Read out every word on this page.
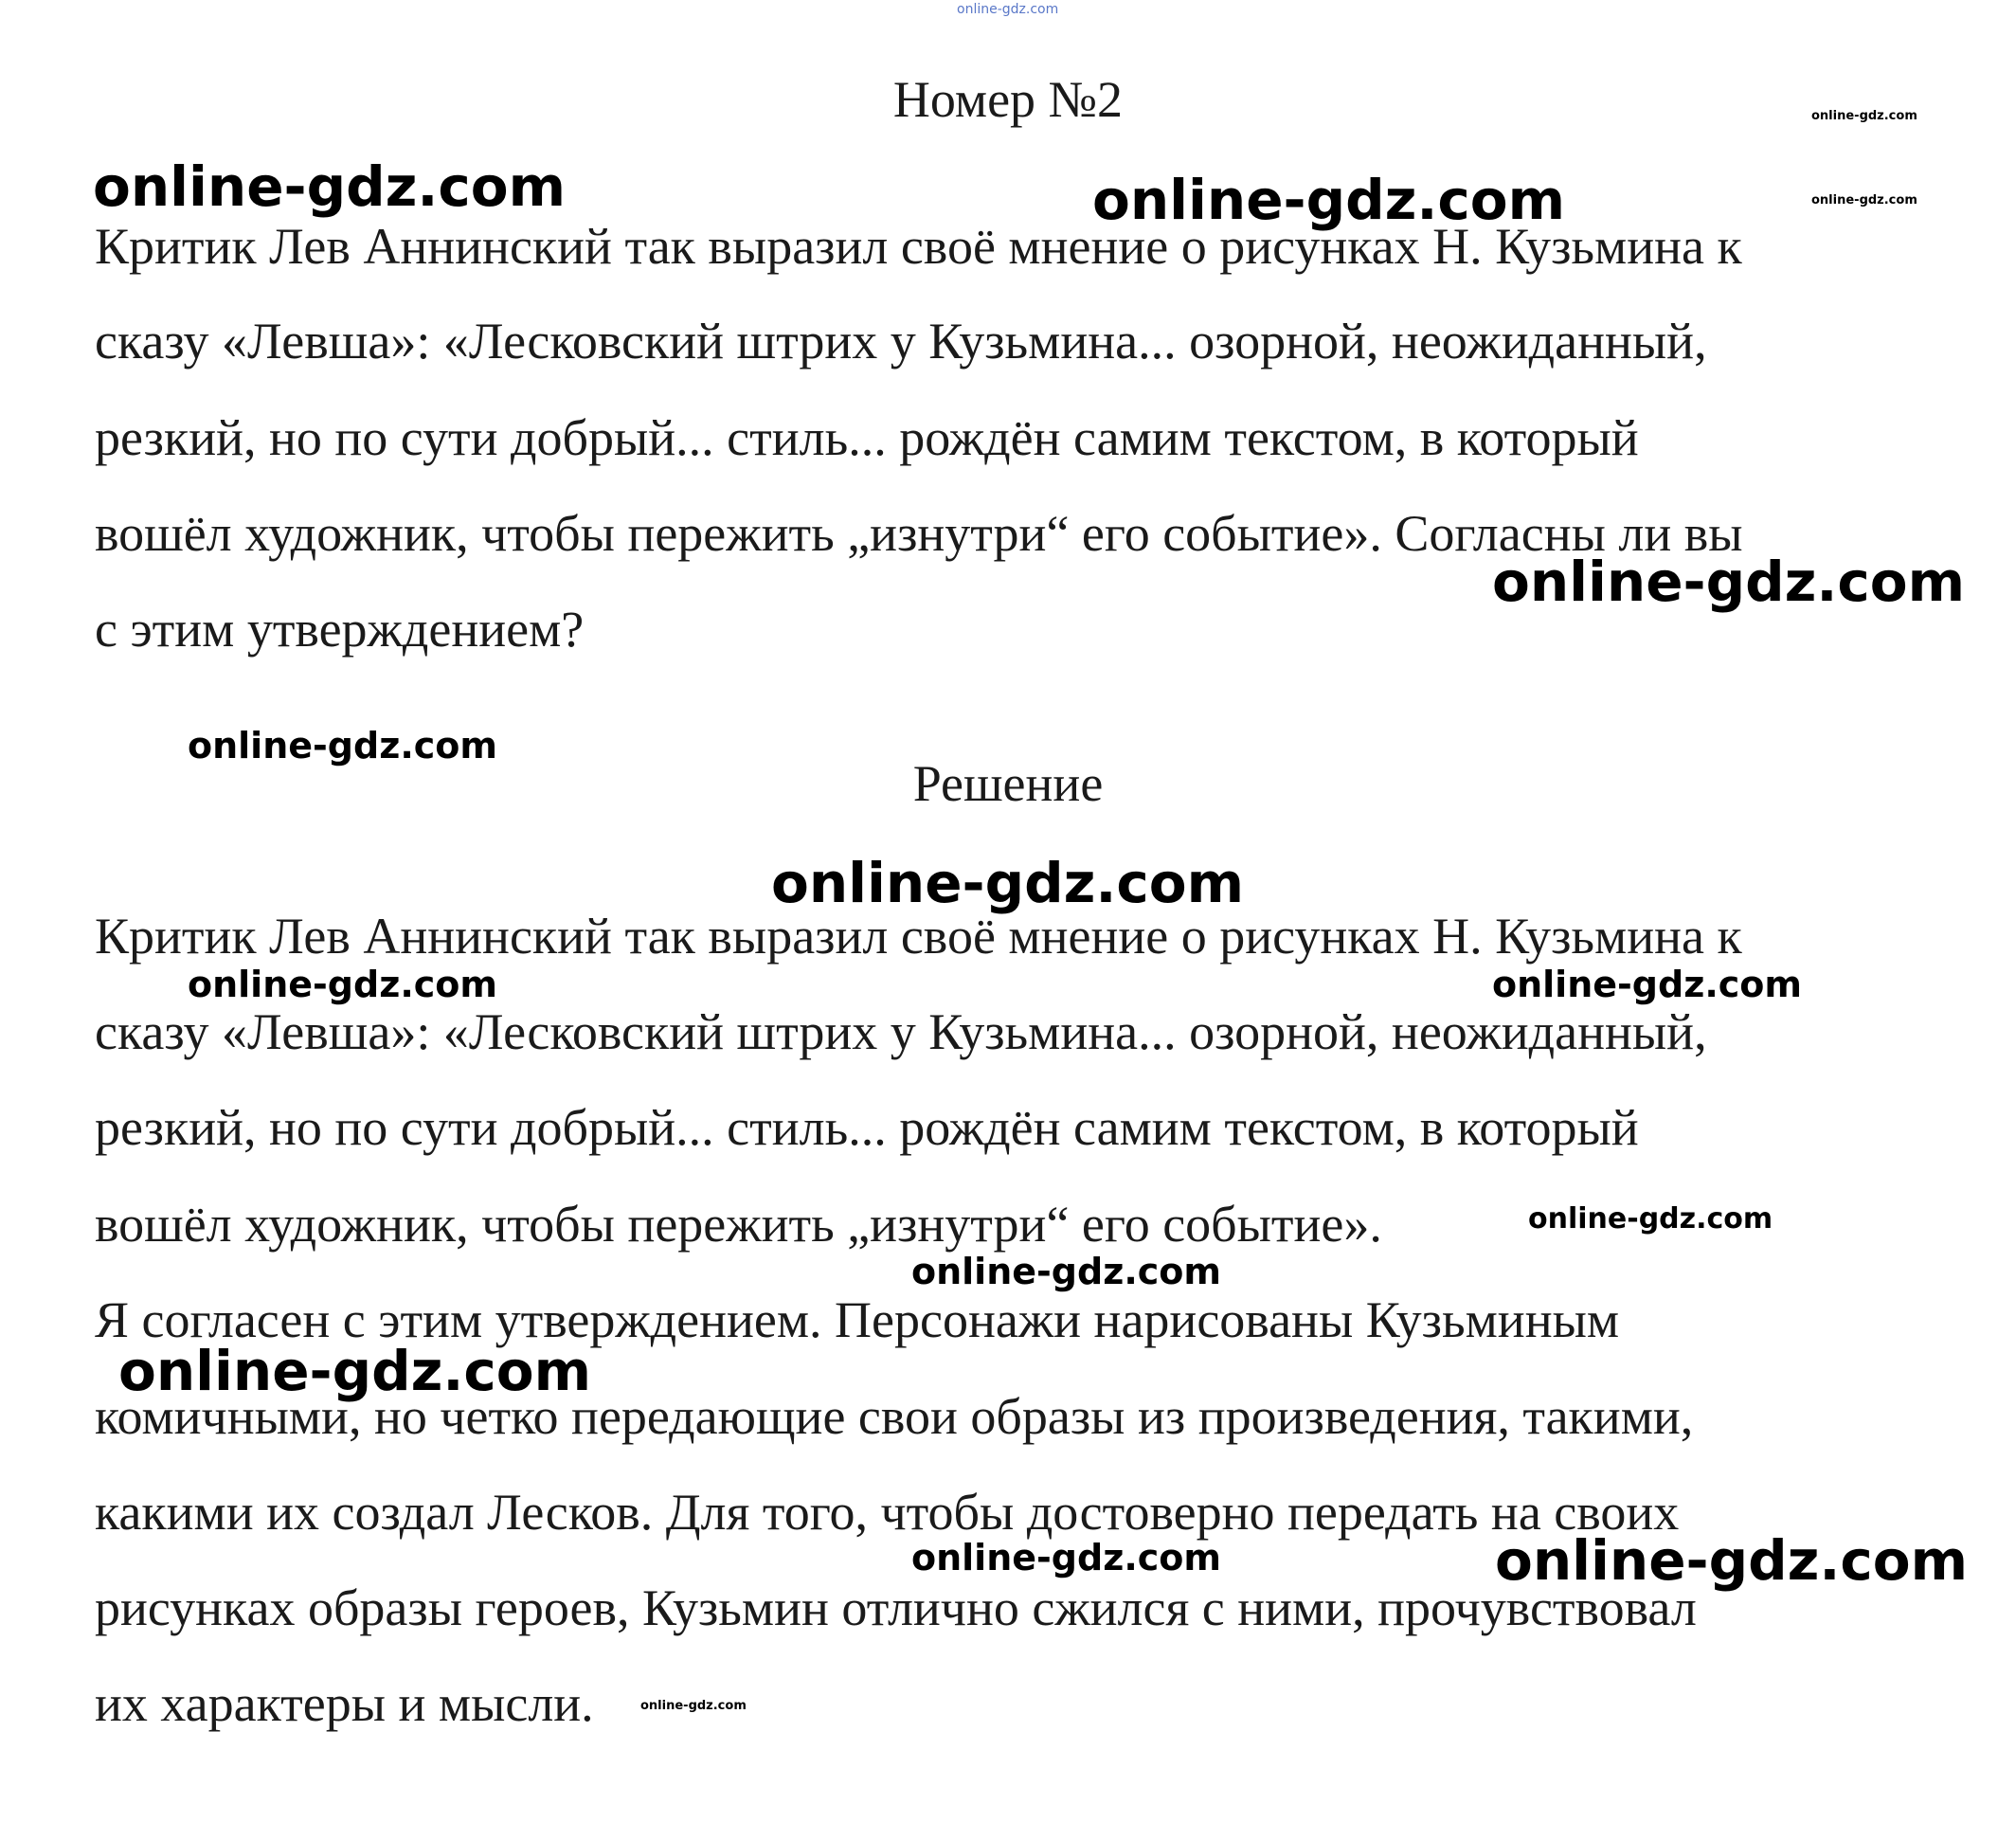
Номер №2
Критик Лев Аннинский так выразил своё мнение о рисунках Н. Кузьмина к
сказу «Левша»: «Лесковский штрих у Кузьмина... озорной, неожиданный,
резкий, но по сути добрый... стиль... рождён самим текстом, в который
вошёл художник, чтобы пережить „изнутри“ его событие». Согласны ли вы
с этим утверждением?
Решение
Критик Лев Аннинский так выразил своё мнение о рисунках Н. Кузьмина к
сказу «Левша»: «Лесковский штрих у Кузьмина... озорной, неожиданный,
резкий, но по сути добрый... стиль... рождён самим текстом, в который
вошёл художник, чтобы пережить „изнутри“ его событие».
Я согласен с этим утверждением. Персонажи нарисованы Кузьминым
комичными, но четко передающие свои образы из произведения, такими,
какими их создал Лесков. Для того, чтобы достоверно передать на своих
рисунках образы героев, Кузьмин отлично сжился с ними, прочувствовал
их характеры и мысли.
online-gdz.com
online-gdz.com
online-gdz.com
online-gdz.com	online-gdz.com
online-gdz.com
online-gdz.com
online-gdz.com
online-gdz.com	online-gdz.com
online-gdz.com
online-gdz.com
online-gdz.com
online-gdz.com	online-gdz.com
online-gdz.com
